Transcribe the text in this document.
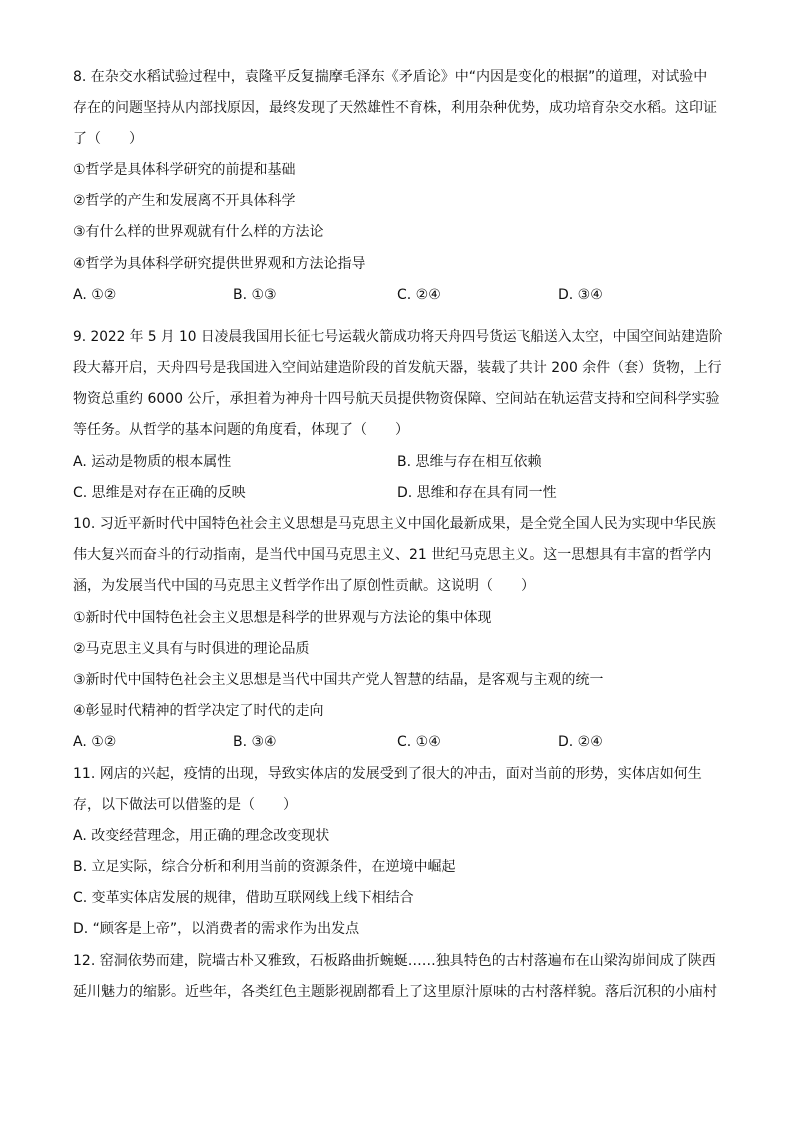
8. 在杂交水稻试验过程中，袁隆平反复揣摩毛泽东《矛盾论》中“内因是变化的根据”的道理，对试验中
存在的问题坚持从内部找原因，最终发现了天然雄性不育株，利用杂种优势，成功培育杂交水稻。这印证
了（　　）
①哲学是具体科学研究的前提和基础
②哲学的产生和发展离不开具体科学
③有什么样的世界观就有什么样的方法论
④哲学为具体科学研究提供世界观和方法论指导
A. ①②	B. ①③	C. ②④	D. ③④
9. 2022 年 5 月 10 日凌晨我国用长征七号运载火箭成功将天舟四号货运飞船送入太空，中国空间站建造阶
段大幕开启，天舟四号是我国进入空间站建造阶段的首发航天器，装载了共计 200 余件（套）货物，上行
物资总重约 6000 公斤，承担着为神舟十四号航天员提供物资保障、空间站在轨运营支持和空间科学实验
等任务。从哲学的基本问题的角度看，体现了（　　）
A. 运动是物质的根本属性	B. 思维与存在相互依赖
C. 思维是对存在正确的反映	D. 思维和存在具有同一性
10. 习近平新时代中国特色社会主义思想是马克思主义中国化最新成果，是全党全国人民为实现中华民族
伟大复兴而奋斗的行动指南，是当代中国马克思主义、21 世纪马克思主义。这一思想具有丰富的哲学内
涵，为发展当代中国的马克思主义哲学作出了原创性贡献。这说明（　　）
①新时代中国特色社会主义思想是科学的世界观与方法论的集中体现
②马克思主义具有与时俱进的理论品质
③新时代中国特色社会主义思想是当代中国共产党人智慧的结晶，是客观与主观的统一
④彰显时代精神的哲学决定了时代的走向
A. ①②	B. ③④	C. ①④	D. ②④
11. 网店的兴起，疫情的出现，导致实体店的发展受到了很大的冲击，面对当前的形势，实体店如何生
存，以下做法可以借鉴的是（　　）
A. 改变经营理念，用正确的理念改变现状
B. 立足实际，综合分析和利用当前的资源条件，在逆境中崛起
C. 变革实体店发展的规律，借助互联网线上线下相结合
D. “顾客是上帝”，以消费者的需求作为出发点
12. 窑洞依势而建，院墙古朴又雅致，石板路曲折蜿蜒……独具特色的古村落遍布在山梁沟峁间成了陕西
延川魅力的缩影。近些年，各类红色主题影视剧都看上了这里原汁原味的古村落样貌。落后沉积的小庙村
